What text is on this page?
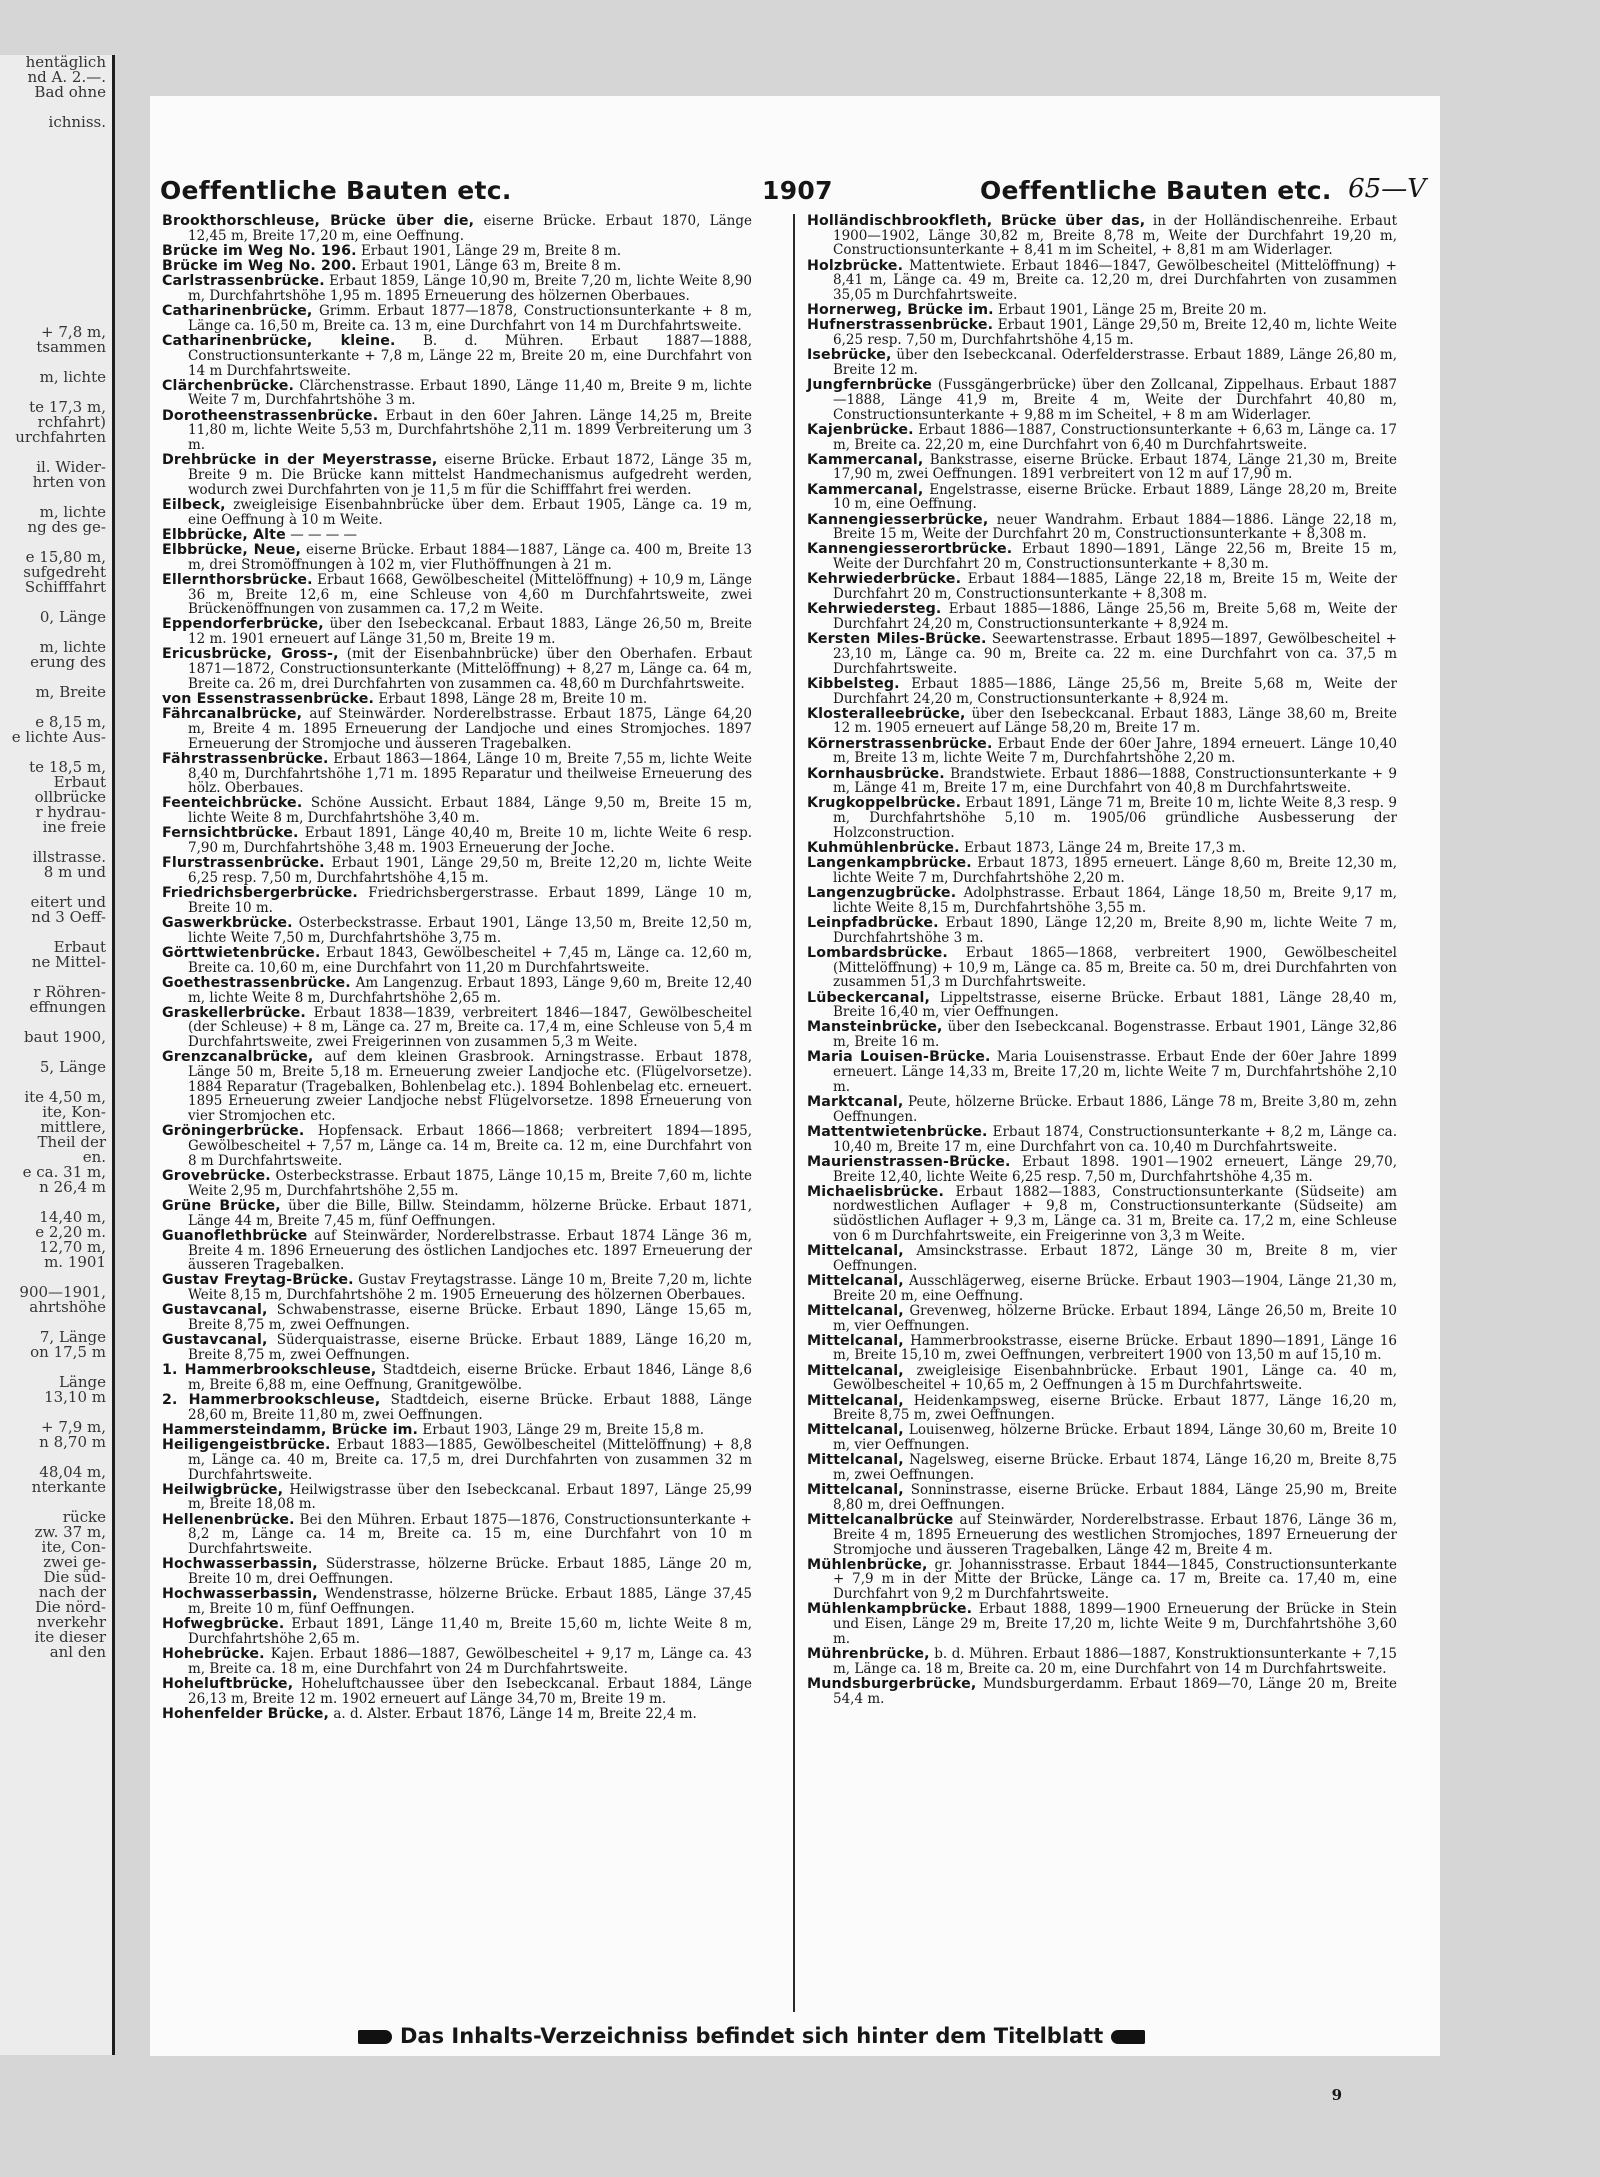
hentäglich
nd A. 2.—.
Bad ohne

ichniss.

+ 7,8 m,
tsammen

m, lichte

te 17,3 m,
rchfahrt)
urchfahrten

il. Wider-
hrten von

m, lichte
ng des ge-

e 15,80 m,
sufgedreht
Schifffahrt

0, Länge

m, lichte
erung des

m, Breite

e 8,15 m,
e lichte Aus-

te 18,5 m,
Erbaut
ollbrücke
r hydrau-
ine freie

illstrasse.
8 m und

eitert und
nd 3 Oeff-

Erbaut
ne Mittel-

r Röhren-
effnungen

baut 1900,

5, Länge

ite 4,50 m,
ite, Kon-
mittlere,
Theil der
en.
e ca. 31 m,
n 26,4 m

14,40 m,
e 2,20 m.
12,70 m,
m. 1901

900—1901,
ahrtshöhe

7, Länge
on 17,5 m

Länge
13,10 m

+ 7,9 m,
n 8,70 m

48,04 m,
nterkante

rücke
zw. 37 m,
ite, Con-
zwei ge-
Die süd-
nach der
Die nörd-
nverkehr
ite dieser
anl den
Oeffentliche Bauten etc.	1907	Oeffentliche Bauten etc. 65—V

Brookthorschleuse, Brücke über die, eiserne Brücke. Erbaut 1870, Länge 12,45 m, Breite 17,20 m, eine Oeffnung.

Brücke im Weg No. 196. Erbaut 1901, Länge 29 m, Breite 8 m.

Brücke im Weg No. 200. Erbaut 1901, Länge 63 m, Breite 8 m.

Carlstrassenbrücke. Erbaut 1859, Länge 10,90 m, Breite 7,20 m, lichte Weite 8,90 m, Durchfahrtshöhe 1,95 m. 1895 Erneuerung des hölzernen Oberbaues.

Catharinenbrücke, Grimm. Erbaut 1877—1878, Constructionsunterkante + 8 m, Länge ca. 16,50 m, Breite ca. 13 m, eine Durchfahrt von 14 m Durchfahrtsweite.

Catharinenbrücke, kleine. B. d. Mühren. Erbaut 1887—1888, Constructionsunterkante + 7,8 m, Länge 22 m, Breite 20 m, eine Durchfahrt von 14 m Durchfahrtsweite.

Clärchenbrücke. Clärchenstrasse. Erbaut 1890, Länge 11,40 m, Breite 9 m, lichte Weite 7 m, Durchfahrtshöhe 3 m.

Dorotheenstrassenbrücke. Erbaut in den 60er Jahren. Länge 14,25 m, Breite 11,80 m, lichte Weite 5,53 m, Durchfahrtshöhe 2,11 m. 1899 Verbreiterung um 3 m.

Drehbrücke in der Meyerstrasse, eiserne Brücke. Erbaut 1872, Länge 35 m, Breite 9 m. Die Brücke kann mittelst Handmechanismus aufgedreht werden, wodurch zwei Durchfahrten von je 11,5 m für die Schifffahrt frei werden.

Eilbeck, zweigleisige Eisenbahnbrücke über dem. Erbaut 1905, Länge ca. 19 m, eine Oeffnung à 10 m Weite.

Elbbrücke, Alte — — — —

Elbbrücke, Neue, eiserne Brücke. Erbaut 1884—1887, Länge ca. 400 m, Breite 13 m, drei Stromöffnungen à 102 m, vier Fluthöffnungen à 21 m.

Ellernthorsbrücke. Erbaut 1668, Gewölbescheitel (Mittelöffnung) + 10,9 m, Länge 36 m, Breite 12,6 m, eine Schleuse von 4,60 m Durchfahrtsweite, zwei Brückenöffnungen von zusammen ca. 17,2 m Weite.

Eppendorferbrücke, über den Isebeckcanal. Erbaut 1883, Länge 26,50 m, Breite 12 m. 1901 erneuert auf Länge 31,50 m, Breite 19 m.

Ericusbrücke, Gross-, (mit der Eisenbahnbrücke) über den Oberhafen. Erbaut 1871—1872, Constructionsunterkante (Mittelöffnung) + 8,27 m, Länge ca. 64 m, Breite ca. 26 m, drei Durchfahrten von zusammen ca. 48,60 m Durchfahrtsweite.

von Essenstrassenbrücke. Erbaut 1898, Länge 28 m, Breite 10 m.

Fährcanalbrücke, auf Steinwärder. Norderelbstrasse. Erbaut 1875, Länge 64,20 m, Breite 4 m. 1895 Erneuerung der Landjoche und eines Stromjoches. 1897 Erneuerung der Stromjoche und äusseren Tragebalken.

Fährstrassenbrücke. Erbaut 1863—1864, Länge 10 m, Breite 7,55 m, lichte Weite 8,40 m, Durchfahrtshöhe 1,71 m. 1895 Reparatur und theilweise Erneuerung des hölz. Oberbaues.

Feenteichbrücke. Schöne Aussicht. Erbaut 1884, Länge 9,50 m, Breite 15 m, lichte Weite 8 m, Durchfahrtshöhe 3,40 m.

Fernsichtbrücke. Erbaut 1891, Länge 40,40 m, Breite 10 m, lichte Weite 6 resp. 7,90 m, Durchfahrtshöhe 3,48 m. 1903 Erneuerung der Joche.

Flurstrassenbrücke. Erbaut 1901, Länge 29,50 m, Breite 12,20 m, lichte Weite 6,25 resp. 7,50 m, Durchfahrtshöhe 4,15 m.

Friedrichsbergerbrücke. Friedrichsbergerstrasse. Erbaut 1899, Länge 10 m, Breite 10 m.

Gaswerkbrücke. Osterbeckstrasse. Erbaut 1901, Länge 13,50 m, Breite 12,50 m, lichte Weite 7,50 m, Durchfahrtshöhe 3,75 m.

Görttwietenbrücke. Erbaut 1843, Gewölbescheitel + 7,45 m, Länge ca. 12,60 m, Breite ca. 10,60 m, eine Durchfahrt von 11,20 m Durchfahrtsweite.

Goethestrassenbrücke. Am Langenzug. Erbaut 1893, Länge 9,60 m, Breite 12,40 m, lichte Weite 8 m, Durchfahrtshöhe 2,65 m.

Graskellerbrücke. Erbaut 1838—1839, verbreitert 1846—1847, Gewölbescheitel (der Schleuse) + 8 m, Länge ca. 27 m, Breite ca. 17,4 m, eine Schleuse von 5,4 m Durchfahrtsweite, zwei Freigerinnen von zusammen 5,3 m Weite.

Grenzcanalbrücke, auf dem kleinen Grasbrook. Arningstrasse. Erbaut 1878, Länge 50 m, Breite 5,18 m. Erneuerung zweier Landjoche etc. (Flügelvorsetze). 1884 Reparatur (Tragebalken, Bohlenbelag etc.). 1894 Bohlenbelag etc. erneuert. 1895 Erneuerung zweier Landjoche nebst Flügelvorsetze. 1898 Erneuerung von vier Stromjochen etc.

Gröningerbrücke. Hopfensack. Erbaut 1866—1868; verbreitert 1894—1895, Gewölbescheitel + 7,57 m, Länge ca. 14 m, Breite ca. 12 m, eine Durchfahrt von 8 m Durchfahrtsweite.

Grovebrücke. Osterbeckstrasse. Erbaut 1875, Länge 10,15 m, Breite 7,60 m, lichte Weite 2,95 m, Durchfahrtshöhe 2,55 m.

Grüne Brücke, über die Bille, Billw. Steindamm, hölzerne Brücke. Erbaut 1871, Länge 44 m, Breite 7,45 m, fünf Oeffnungen.

Guanoflethbrücke auf Steinwärder, Norderelbstrasse. Erbaut 1874 Länge 36 m, Breite 4 m. 1896 Erneuerung des östlichen Landjoches etc. 1897 Erneuerung der äusseren Tragebalken.

Gustav Freytag-Brücke. Gustav Freytagstrasse. Länge 10 m, Breite 7,20 m, lichte Weite 8,15 m, Durchfahrtshöhe 2 m. 1905 Erneuerung des hölzernen Oberbaues.

Gustavcanal, Schwabenstrasse, eiserne Brücke. Erbaut 1890, Länge 15,65 m, Breite 8,75 m, zwei Oeffnungen.

Gustavcanal, Süderquaistrasse, eiserne Brücke. Erbaut 1889, Länge 16,20 m, Breite 8,75 m, zwei Oeffnungen.

1. Hammerbrookschleuse, Stadtdeich, eiserne Brücke. Erbaut 1846, Länge 8,6 m, Breite 6,88 m, eine Oeffnung, Granitgewölbe.

2. Hammerbrookschleuse, Stadtdeich, eiserne Brücke. Erbaut 1888, Länge 28,60 m, Breite 11,80 m, zwei Oeffnungen.

Hammersteindamm, Brücke im. Erbaut 1903, Länge 29 m, Breite 15,8 m.

Heiligengeistbrücke. Erbaut 1883—1885, Gewölbescheitel (Mittelöffnung) + 8,8 m, Länge ca. 40 m, Breite ca. 17,5 m, drei Durchfahrten von zusammen 32 m Durchfahrtsweite.

Heilwigbrücke, Heilwigstrasse über den Isebeckcanal. Erbaut 1897, Länge 25,99 m, Breite 18,08 m.

Hellenenbrücke. Bei den Mühren. Erbaut 1875—1876, Constructionsunterkante + 8,2 m, Länge ca. 14 m, Breite ca. 15 m, eine Durchfahrt von 10 m Durchfahrtsweite.

Hochwasserbassin, Süderstrasse, hölzerne Brücke. Erbaut 1885, Länge 20 m, Breite 10 m, drei Oeffnungen.

Hochwasserbassin, Wendenstrasse, hölzerne Brücke. Erbaut 1885, Länge 37,45 m, Breite 10 m, fünf Oeffnungen.

Hofwegbrücke. Erbaut 1891, Länge 11,40 m, Breite 15,60 m, lichte Weite 8 m, Durchfahrtshöhe 2,65 m.

Hohebrücke. Kajen. Erbaut 1886—1887, Gewölbescheitel + 9,17 m, Länge ca. 43 m, Breite ca. 18 m, eine Durchfahrt von 24 m Durchfahrtsweite.

Hoheluftbrücke, Hoheluftchaussee über den Isebeckcanal. Erbaut 1884, Länge 26,13 m, Breite 12 m. 1902 erneuert auf Länge 34,70 m, Breite 19 m.

Hohenfelder Brücke, a. d. Alster. Erbaut 1876, Länge 14 m, Breite 22,4 m.

Holländischbrookfleth, Brücke über das, in der Holländischenreihe. Erbaut 1900—1902, Länge 30,82 m, Breite 8,78 m, Weite der Durchfahrt 19,20 m, Constructionsunterkante + 8,41 m im Scheitel, + 8,81 m am Widerlager.

Holzbrücke. Mattentwiete. Erbaut 1846—1847, Gewölbescheitel (Mittelöffnung) + 8,41 m, Länge ca. 49 m, Breite ca. 12,20 m, drei Durchfahrten von zusammen 35,05 m Durchfahrtsweite.

Hornerweg, Brücke im. Erbaut 1901, Länge 25 m, Breite 20 m.

Hufnerstrassenbrücke. Erbaut 1901, Länge 29,50 m, Breite 12,40 m, lichte Weite 6,25 resp. 7,50 m, Durchfahrtshöhe 4,15 m.

Isebrücke, über den Isebeckcanal. Oderfelderstrasse. Erbaut 1889, Länge 26,80 m, Breite 12 m.

Jungfernbrücke (Fussgängerbrücke) über den Zollcanal, Zippelhaus. Erbaut 1887—1888, Länge 41,9 m, Breite 4 m, Weite der Durchfahrt 40,80 m, Constructionsunterkante + 9,88 m im Scheitel, + 8 m am Widerlager.

Kajenbrücke. Erbaut 1886—1887, Constructionsunterkante + 6,63 m, Länge ca. 17 m, Breite ca. 22,20 m, eine Durchfahrt von 6,40 m Durchfahrtsweite.

Kammercanal, Bankstrasse, eiserne Brücke. Erbaut 1874, Länge 21,30 m, Breite 17,90 m, zwei Oeffnungen. 1891 verbreitert von 12 m auf 17,90 m.

Kammercanal, Engelstrasse, eiserne Brücke. Erbaut 1889, Länge 28,20 m, Breite 10 m, eine Oeffnung.

Kannengiesserbrücke, neuer Wandrahm. Erbaut 1884—1886. Länge 22,18 m, Breite 15 m, Weite der Durchfahrt 20 m, Constructionsunterkante + 8,308 m.

Kannengiesserortbrücke. Erbaut 1890—1891, Länge 22,56 m, Breite 15 m, Weite der Durchfahrt 20 m, Constructionsunterkante + 8,30 m.

Kehrwiederbrücke. Erbaut 1884—1885, Länge 22,18 m, Breite 15 m, Weite der Durchfahrt 20 m, Constructionsunterkante + 8,308 m.

Kehrwiedersteg. Erbaut 1885—1886, Länge 25,56 m, Breite 5,68 m, Weite der Durchfahrt 24,20 m, Constructionsunterkante + 8,924 m.

Kersten Miles-Brücke. Seewartenstrasse. Erbaut 1895—1897, Gewölbescheitel + 23,10 m, Länge ca. 90 m, Breite ca. 22 m. eine Durchfahrt von ca. 37,5 m Durchfahrtsweite.

Kibbelsteg. Erbaut 1885—1886, Länge 25,56 m, Breite 5,68 m, Weite der Durchfahrt 24,20 m, Constructionsunterkante + 8,924 m.

Klosteralleebrücke, über den Isebeckcanal. Erbaut 1883, Länge 38,60 m, Breite 12 m. 1905 erneuert auf Länge 58,20 m, Breite 17 m.

Körnerstrassenbrücke. Erbaut Ende der 60er Jahre, 1894 erneuert. Länge 10,40 m, Breite 13 m, lichte Weite 7 m, Durchfahrtshöhe 2,20 m.

Kornhausbrücke. Brandstwiete. Erbaut 1886—1888, Constructionsunterkante + 9 m, Länge 41 m, Breite 17 m, eine Durchfahrt von 40,8 m Durchfahrtsweite.

Krugkoppelbrücke. Erbaut 1891, Länge 71 m, Breite 10 m, lichte Weite 8,3 resp. 9 m, Durchfahrtshöhe 5,10 m. 1905/06 gründliche Ausbesserung der Holzconstruction.

Kuhmühlenbrücke. Erbaut 1873, Länge 24 m, Breite 17,3 m.

Langenkampbrücke. Erbaut 1873, 1895 erneuert. Länge 8,60 m, Breite 12,30 m, lichte Weite 7 m, Durchfahrtshöhe 2,20 m.

Langenzugbrücke. Adolphstrasse. Erbaut 1864, Länge 18,50 m, Breite 9,17 m, lichte Weite 8,15 m, Durchfahrtshöhe 3,55 m.

Leinpfadbrücke. Erbaut 1890, Länge 12,20 m, Breite 8,90 m, lichte Weite 7 m, Durchfahrtshöhe 3 m.

Lombardsbrücke. Erbaut 1865—1868, verbreitert 1900, Gewölbescheitel (Mittelöffnung) + 10,9 m, Länge ca. 85 m, Breite ca. 50 m, drei Durchfahrten von zusammen 51,3 m Durchfahrtsweite.

Lübeckercanal, Lippeltstrasse, eiserne Brücke. Erbaut 1881, Länge 28,40 m, Breite 16,40 m, vier Oeffnungen.

Mansteinbrücke, über den Isebeckcanal. Bogenstrasse. Erbaut 1901, Länge 32,86 m, Breite 16 m.

Maria Louisen-Brücke. Maria Louisenstrasse. Erbaut Ende der 60er Jahre 1899 erneuert. Länge 14,33 m, Breite 17,20 m, lichte Weite 7 m, Durchfahrtshöhe 2,10 m.

Marktcanal, Peute, hölzerne Brücke. Erbaut 1886, Länge 78 m, Breite 3,80 m, zehn Oeffnungen.

Mattentwietenbrücke. Erbaut 1874, Constructionsunterkante + 8,2 m, Länge ca. 10,40 m, Breite 17 m, eine Durchfahrt von ca. 10,40 m Durchfahrtsweite.

Maurienstrassen-Brücke. Erbaut 1898. 1901—1902 erneuert, Länge 29,70, Breite 12,40, lichte Weite 6,25 resp. 7,50 m, Durchfahrtshöhe 4,35 m.

Michaelisbrücke. Erbaut 1882—1883, Constructionsunterkante (Südseite) am nordwestlichen Auflager + 9,8 m, Constructionsunterkante (Südseite) am südöstlichen Auflager + 9,3 m, Länge ca. 31 m, Breite ca. 17,2 m, eine Schleuse von 6 m Durchfahrtsweite, ein Freigerinne von 3,3 m Weite.

Mittelcanal, Amsinckstrasse. Erbaut 1872, Länge 30 m, Breite 8 m, vier Oeffnungen.

Mittelcanal, Ausschlägerweg, eiserne Brücke. Erbaut 1903—1904, Länge 21,30 m, Breite 20 m, eine Oeffnung.

Mittelcanal, Grevenweg, hölzerne Brücke. Erbaut 1894, Länge 26,50 m, Breite 10 m, vier Oeffnungen.

Mittelcanal, Hammerbrookstrasse, eiserne Brücke. Erbaut 1890—1891, Länge 16 m, Breite 15,10 m, zwei Oeffnungen, verbreitert 1900 von 13,50 m auf 15,10 m.

Mittelcanal, zweigleisige Eisenbahnbrücke. Erbaut 1901, Länge ca. 40 m, Gewölbescheitel + 10,65 m, 2 Oeffnungen à 15 m Durchfahrtsweite.

Mittelcanal, Heidenkampsweg, eiserne Brücke. Erbaut 1877, Länge 16,20 m, Breite 8,75 m, zwei Oeffnungen.

Mittelcanal, Louisenweg, hölzerne Brücke. Erbaut 1894, Länge 30,60 m, Breite 10 m, vier Oeffnungen.

Mittelcanal, Nagelsweg, eiserne Brücke. Erbaut 1874, Länge 16,20 m, Breite 8,75 m, zwei Oeffnungen.

Mittelcanal, Sonninstrasse, eiserne Brücke. Erbaut 1884, Länge 25,90 m, Breite 8,80 m, drei Oeffnungen.

Mittelcanalbrücke auf Steinwärder, Norderelbstrasse. Erbaut 1876, Länge 36 m, Breite 4 m, 1895 Erneuerung des westlichen Stromjoches, 1897 Erneuerung der Stromjoche und äusseren Tragebalken, Länge 42 m, Breite 4 m.

Mühlenbrücke, gr. Johannisstrasse. Erbaut 1844—1845, Constructionsunterkante + 7,9 m in der Mitte der Brücke, Länge ca. 17 m, Breite ca. 17,40 m, eine Durchfahrt von 9,2 m Durchfahrtsweite.

Mühlenkampbrücke. Erbaut 1888, 1899—1900 Erneuerung der Brücke in Stein und Eisen, Länge 29 m, Breite 17,20 m, lichte Weite 9 m, Durchfahrtshöhe 3,60 m.

Mührenbrücke, b. d. Mühren. Erbaut 1886—1887, Konstruktionsunterkante + 7,15 m, Länge ca. 18 m, Breite ca. 20 m, eine Durchfahrt von 14 m Durchfahrtsweite.

Mundsburgerbrücke, Mundsburgerdamm. Erbaut 1869—70, Länge 20 m, Breite 54,4 m.

Das Inhalts-Verzeichniss befindet sich hinter dem Titelblatt
9
